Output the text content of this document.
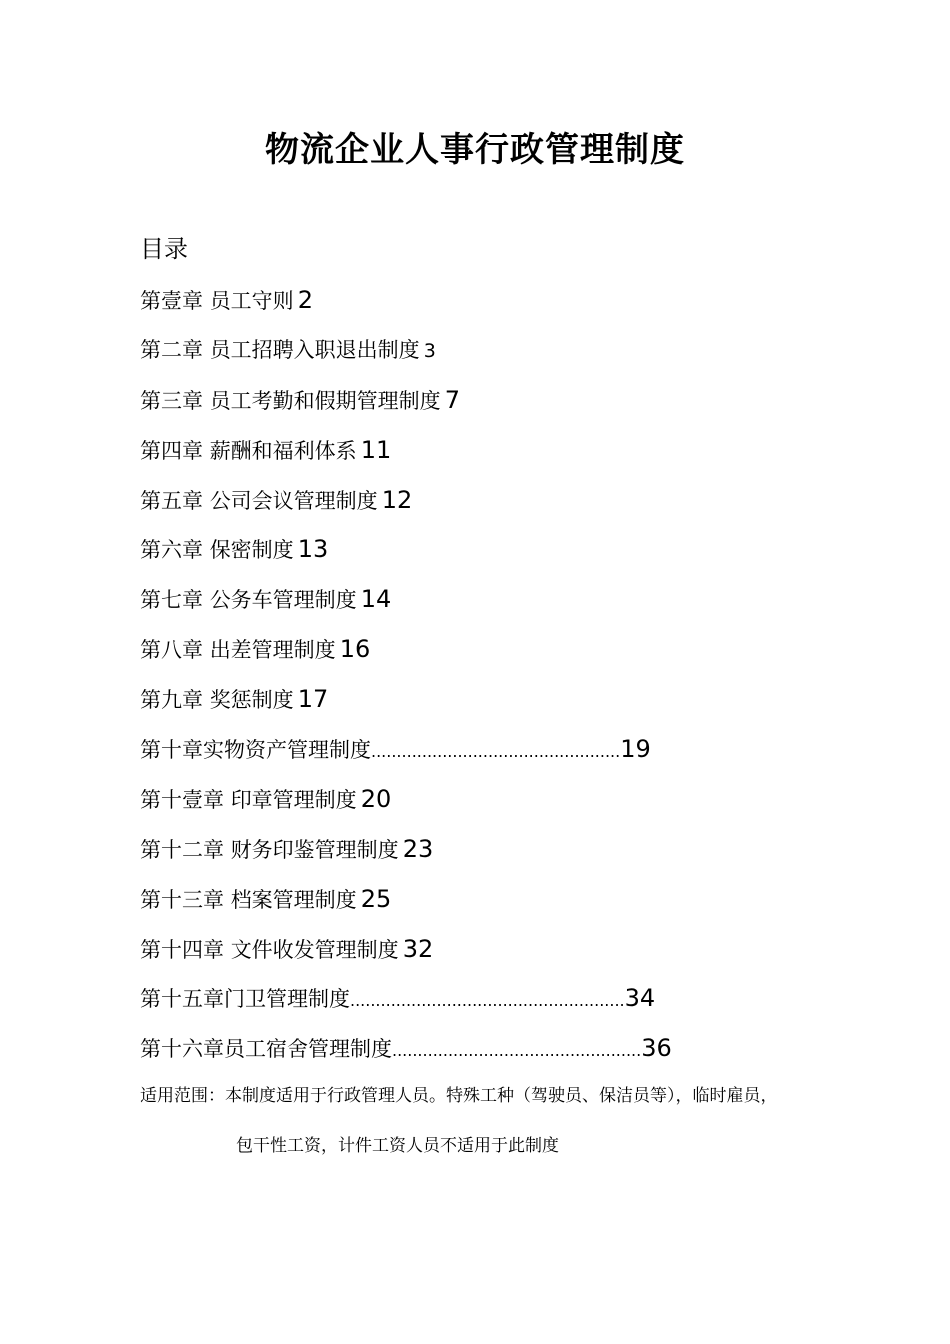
物流企业人事行政管理制度
目录
第壹章 员工守则 2
第二章 员工招聘入职退出制度 3
第三章 员工考勤和假期管理制度 7
第四章 薪酬和福利体系 11
第五章 公司会议管理制度 12
第六章 保密制度 13
第七章 公务车管理制度 14
第八章 出差管理制度 16
第九章 奖惩制度 17
第十章实物资产管理制度.................................................19
第十壹章 印章管理制度 20
第十二章 财务印鉴管理制度 23
第十三章 档案管理制度 25
第十四章 文件收发管理制度 32
第十五章门卫管理制度......................................................34
第十六章员工宿舍管理制度.................................................36
适用范围：本制度适用于行政管理人员。特殊工种（驾驶员、保洁员等），临时雇员，
包干性工资，计件工资人员不适用于此制度
